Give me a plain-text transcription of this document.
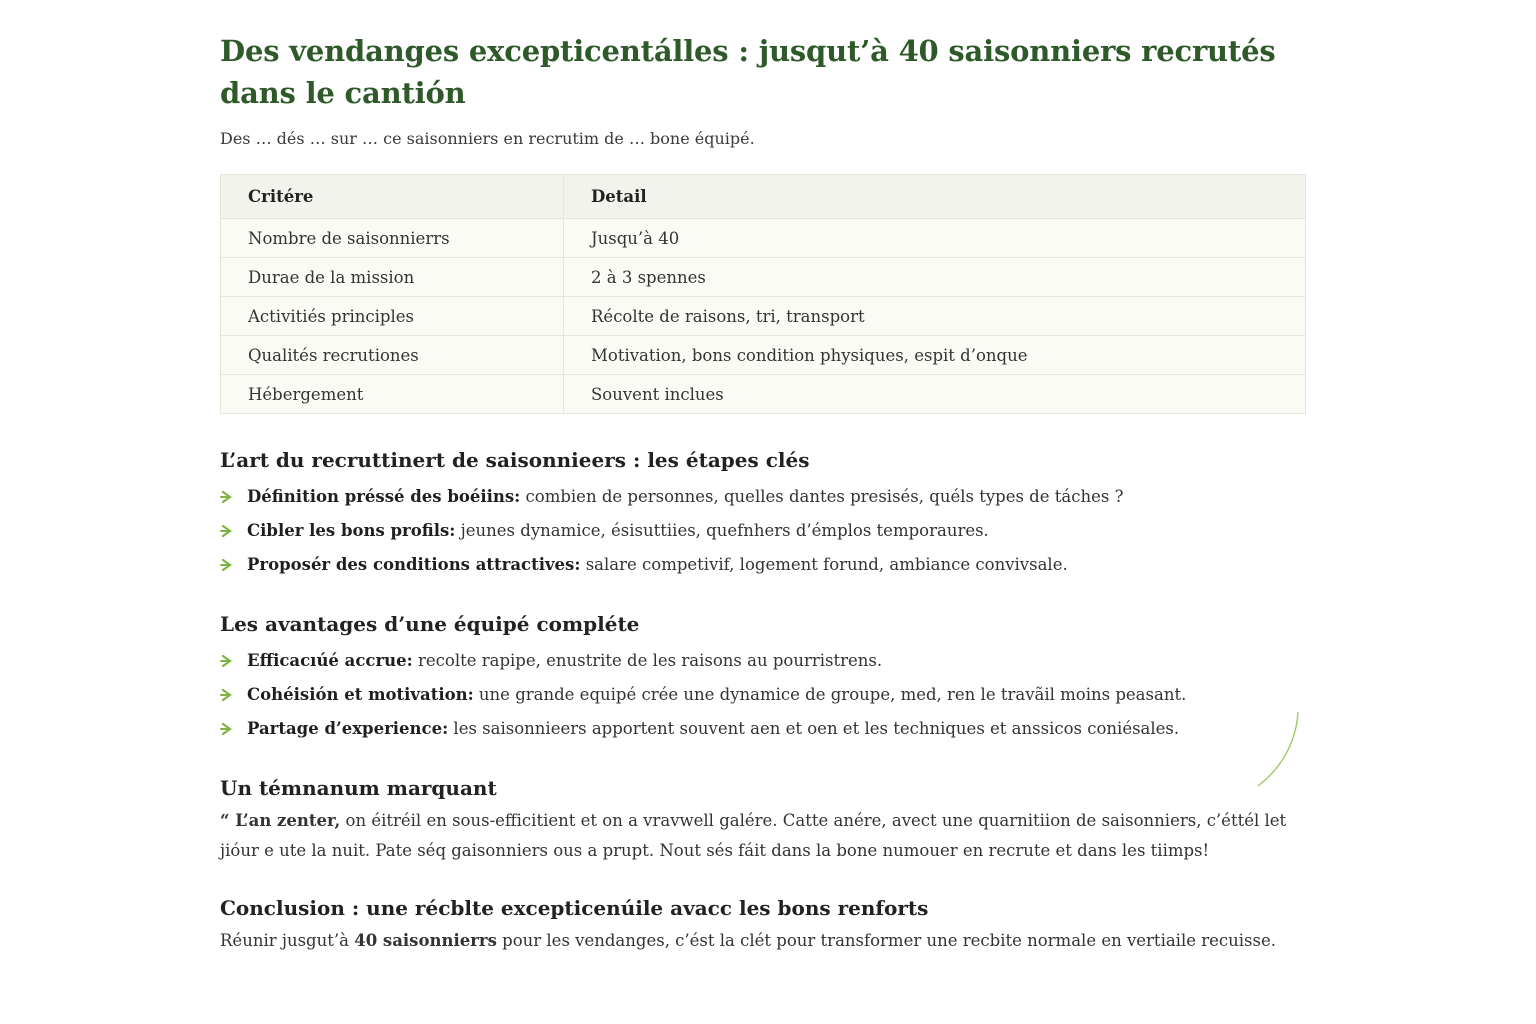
Des vendanges excepticentálles : jusqut’à 40 saisonniers recrutés dans le cantión

Des … dés … sur … ce saisonniers en recrutim de … bone équipé.

Critére	Detail
Nombre de saisonnierrs	Jusqu’à 40
Durae de la mission	2 à 3 spennes
Activitiés principles	Récolte de raisons, tri, transport
Qualités recrutiones	Motivation, bons condition physiques, espit d’onque
Hébergement	Souvent inclues
L’art du recruttinert de saisonnieers : les étapes clés
Définition préssé des boéiins: combien de personnes, quelles dantes presisés, quéls types de táches ?
Cibler les bons profils: jeunes dynamice, ésisuttiies, quefnhers d’émplos temporaures.
Proposér des conditions attractives: salare competivif, logement forund, ambiance convivsale.
Les avantages d’une équipé compléte
Efficacıúé accrue: recolte rapipe, enustrite de les raisons au pourristrens.
Cohéisión et motivation: une grande equipé crée une dynamice de groupe, med, ren le travãil moins peasant.
Partage d’experience: les saisonnieers apportent souvent aen et oen et les techniques et anssicos coniésales.
Un témnanum marquant

“ L’an zenter, on éitréil en sous-efficitient et on a vravwell galére. Catte anére, avect une quarnitiion de saisonniers, c’éttél let jióur e ute la nuit. Pate séq gaisonniers ous a prupt. Nout sés fáit dans la bone numouer en recrute et dans les tiimps!

Conclusion : une récblte excepticenúile avacc les bons renforts

Réunir jusgut’à 40 saisonnierrs pour les vendanges, c’ést la clét pour transformer une recbite normale en vertiaile recuisse.
